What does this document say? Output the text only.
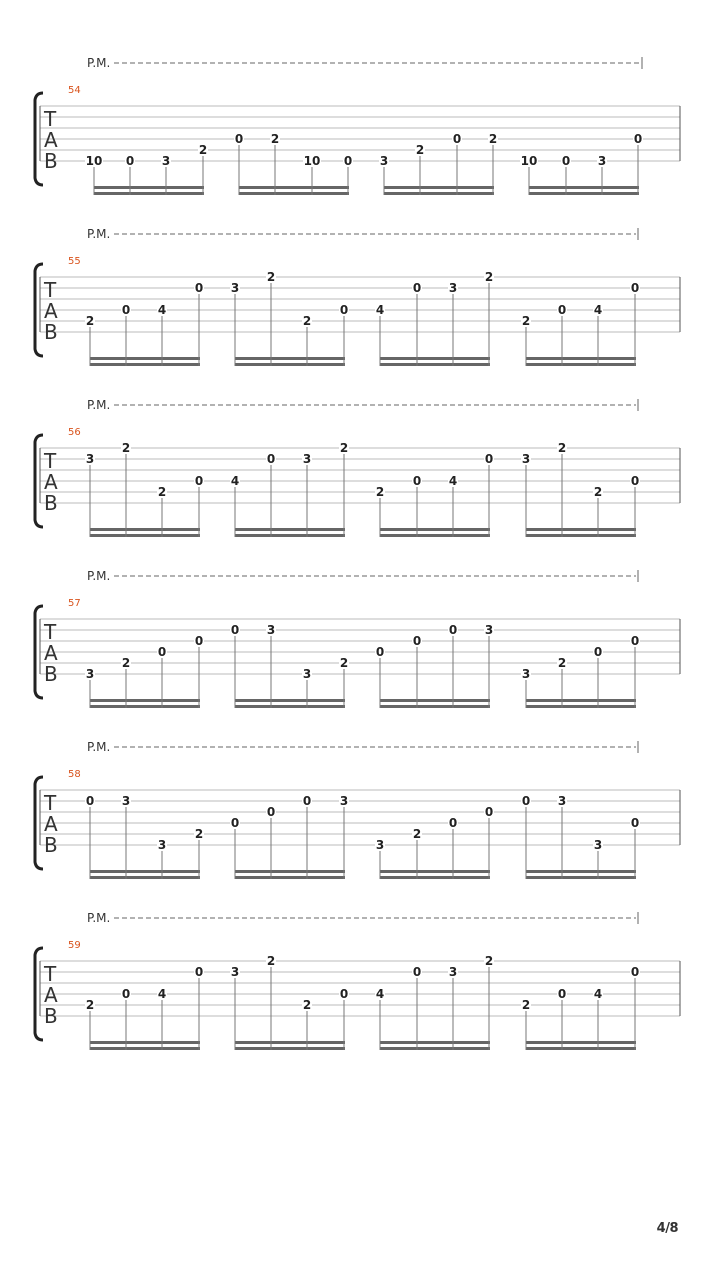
P.M.
54
T
A
B 10 0 3
2
0 2
10 0 3
2
0 2
10 0 3
0
P.M.
55
T
A
B 2
0 4
0 3
2
2
0 4
0 3
2
2
0 4
0
P.M.
56
T
A
B
3
2
2
0 4
0 3
2
2
0 4
0 3
2
2
0
P.M.
57
T
A
B 3
2
0
0
0 3
3
2
0
0
0 3
3
2
0
0
P.M.
58
T
A
B
0 3
3
2
0
0
0 3
3
2
0
0
0 3
3
0
P.M.
59
T
A
B 2
0 4
0 3
2
2
0 4
0 3
2
2
0 4
0
4/8
